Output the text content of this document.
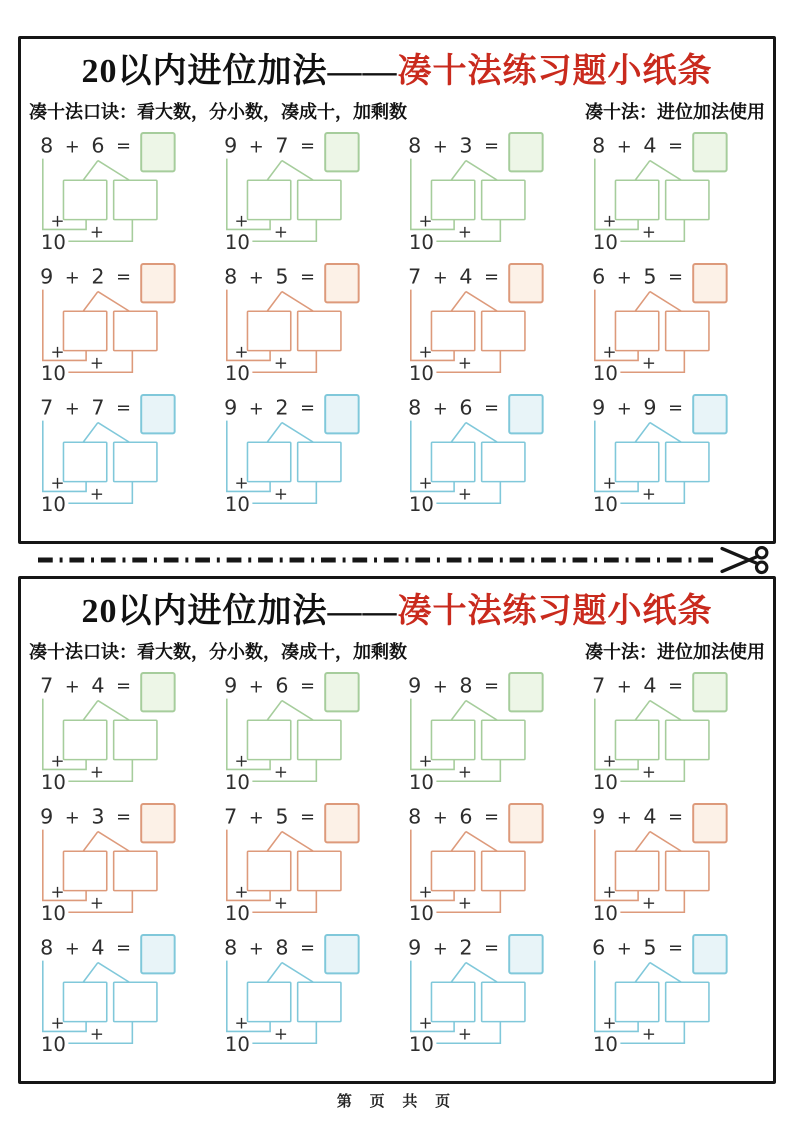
20以内进位加法——凑十法练习题小纸条
凑十法口诀：看大数，分小数，凑成十，加剩数	凑十法：进位加法使用
8 + 6 =
+
10 +
9 + 7 =
+
10 +
8 + 3 =
+
10 +
8 + 4 =
+
10 +
9 + 2 =
+
10 +
8 + 5 =
+
10 +
7 + 4 =
+
10 +
6 + 5 =
+
10 +
7 + 7 =
+
10 +
9 + 2 =
+
10 +
8 + 6 =
+
10 +
9 + 9 =
+
10 +
20以内进位加法——凑十法练习题小纸条
凑十法口诀：看大数，分小数，凑成十，加剩数	凑十法：进位加法使用
7 + 4 =
+
10 +
9 + 6 =
+
10 +
9 + 8 =
+
10 +
7 + 4 =
+
10 +
9 + 3 =
+
10 +
7 + 5 =
+
10 +
8 + 6 =
+
10 +
9 + 4 =
+
10 +
8 + 4 =
+
10 +
8 + 8 =
+
10 +
9 + 2 =
+
10 +
6 + 5 =
+
10 +
第 页 共 页
